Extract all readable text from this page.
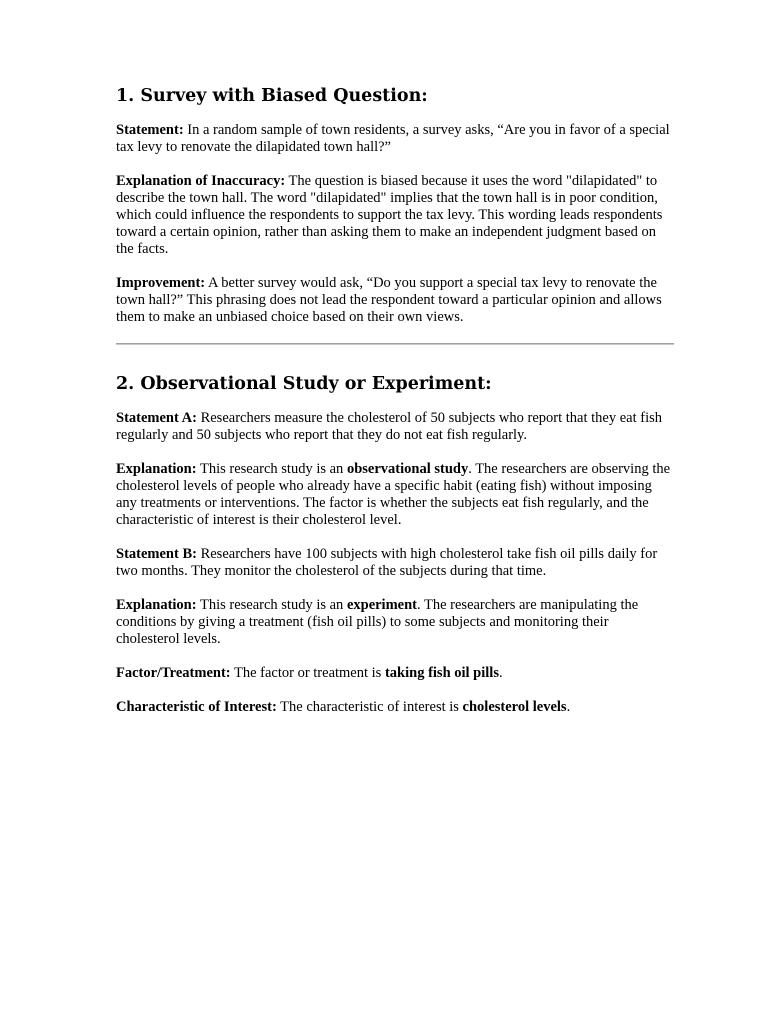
1. Survey with Biased Question:

Statement: In a random sample of town residents, a survey asks, “Are you in favor of a special tax levy to renovate the dilapidated town hall?”

Explanation of Inaccuracy: The question is biased because it uses the word "dilapidated" to describe the town hall. The word "dilapidated" implies that the town hall is in poor condition, which could influence the respondents to support the tax levy. This wording leads respondents toward a certain opinion, rather than asking them to make an independent judgment based on the facts.

Improvement: A better survey would ask, “Do you support a special tax levy to renovate the town hall?” This phrasing does not lead the respondent toward a particular opinion and allows them to make an unbiased choice based on their own views.

2. Observational Study or Experiment:

Statement A: Researchers measure the cholesterol of 50 subjects who report that they eat fish regularly and 50 subjects who report that they do not eat fish regularly.

Explanation: This research study is an observational study. The researchers are observing the cholesterol levels of people who already have a specific habit (eating fish) without imposing any treatments or interventions. The factor is whether the subjects eat fish regularly, and the characteristic of interest is their cholesterol level.

Statement B: Researchers have 100 subjects with high cholesterol take fish oil pills daily for two months. They monitor the cholesterol of the subjects during that time.

Explanation: This research study is an experiment. The researchers are manipulating the conditions by giving a treatment (fish oil pills) to some subjects and monitoring their cholesterol levels.

Factor/Treatment: The factor or treatment is taking fish oil pills.

Characteristic of Interest: The characteristic of interest is cholesterol levels.
